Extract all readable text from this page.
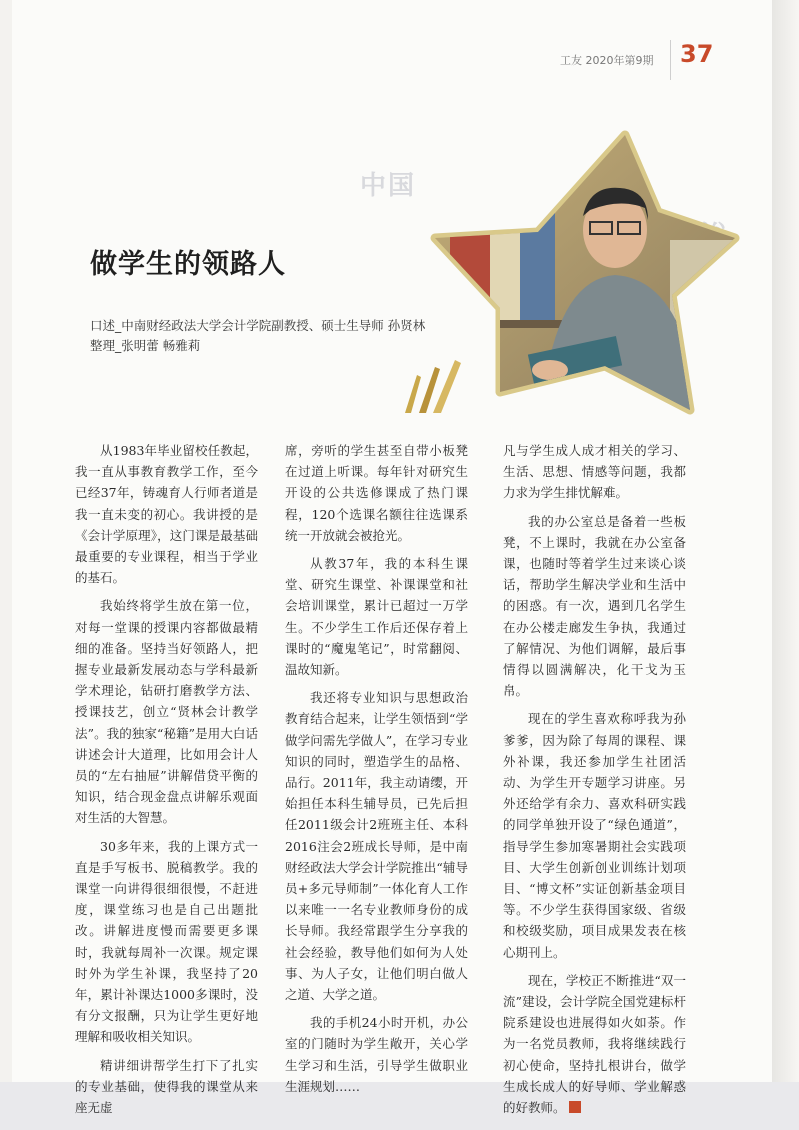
工友 2020年第9期 37
中国
做学生的领路人
口述_中南财经政法大学会计学院副教授、硕士生导师 孙贤林
整理_张明蕾 畅雅莉

从1983年毕业留校任教起，我一直从事教育教学工作，至今已经37年，铸魂育人行师者道是我一直未变的初心。我讲授的是《会计学原理》，这门课是最基础最重要的专业课程，相当于学业的基石。

我始终将学生放在第一位，对每一堂课的授课内容都做最精细的准备。坚持当好领路人，把握专业最新发展动态与学科最新学术理论，钻研打磨教学方法、授课技艺，创立“贤林会计教学法”。我的独家“秘籍”是用大白话讲述会计大道理，比如用会计人员的“左右抽屉”讲解借贷平衡的知识，结合现金盘点讲解乐观面对生活的大智慧。

30多年来，我的上课方式一直是手写板书、脱稿教学。我的课堂一向讲得很细很慢，不赶进度，课堂练习也是自己出题批改。讲解进度慢而需要更多课时，我就每周补一次课。规定课时外为学生补课，我坚持了20年，累计补课达1000多课时，没有分文报酬，只为让学生更好地理解和吸收相关知识。

精讲细讲帮学生打下了扎实的专业基础，使得我的课堂从来座无虚

席，旁听的学生甚至自带小板凳在过道上听课。每年针对研究生开设的公共选修课成了热门课程，120个选课名额往往选课系统一开放就会被抢光。

从教37年，我的本科生课堂、研究生课堂、补课课堂和社会培训课堂，累计已超过一万学生。不少学生工作后还保存着上课时的“魔鬼笔记”，时常翻阅、温故知新。

我还将专业知识与思想政治教育结合起来，让学生领悟到“学做学问需先学做人”，在学习专业知识的同时，塑造学生的品格、品行。2011年，我主动请缨，开始担任本科生辅导员，已先后担任2011级会计2班班主任、本科2016注会2班成长导师，是中南财经政法大学会计学院推出“辅导员+多元导师制”一体化育人工作以来唯一一名专业教师身份的成长导师。我经常跟学生分享我的社会经验，教导他们如何为人处事、为人子女，让他们明白做人之道、大学之道。

我的手机24小时开机，办公室的门随时为学生敞开，关心学生学习和生活，引导学生做职业生涯规划……

凡与学生成人成才相关的学习、生活、思想、情感等问题，我都力求为学生排忧解难。

我的办公室总是备着一些板凳，不上课时，我就在办公室备课，也随时等着学生过来谈心谈话，帮助学生解决学业和生活中的困惑。有一次，遇到几名学生在办公楼走廊发生争执，我通过了解情况、为他们调解，最后事情得以圆满解决，化干戈为玉帛。

现在的学生喜欢称呼我为孙爹爹，因为除了每周的课程、课外补课，我还参加学生社团活动、为学生开专题学习讲座。另外还给学有余力、喜欢科研实践的同学单独开设了“绿色通道”，指导学生参加寒暑期社会实践项目、大学生创新创业训练计划项目、“博文杯”实证创新基金项目等。不少学生获得国家级、省级和校级奖励，项目成果发表在核心期刊上。

现在，学校正不断推进“双一流”建设，会计学院全国党建标杆院系建设也进展得如火如荼。作为一名党员教师，我将继续践行初心使命，坚持扎根讲台，做学生成长成人的好导师、学业解惑的好教师。
